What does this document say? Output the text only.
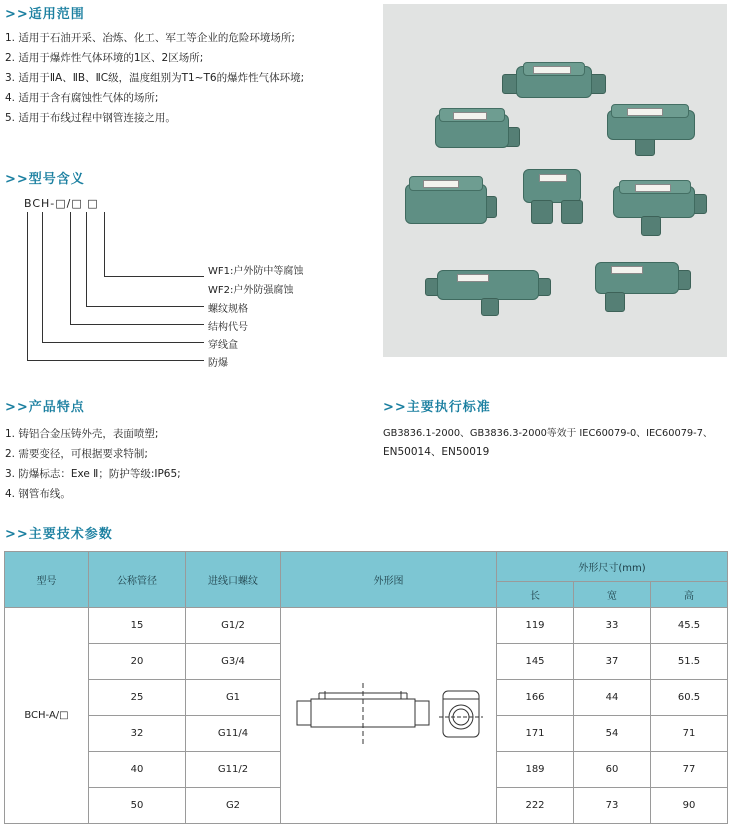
>>适用范围
1. 适用于石油开采、冶炼、化工、军工等企业的危险环境场所;
2. 适用于爆炸性气体环境的1区、2区场所;
3. 适用于ⅡA、ⅡB、ⅡC级，温度组别为T1~T6的爆炸性气体环境;
4. 适用于含有腐蚀性气体的场所;
5. 适用于布线过程中钢管连接之用。
>>型号含义
BCH-□/□ □
WF1:户外防中等腐蚀
WF2:户外防强腐蚀
螺纹规格
结构代号
穿线盒
防爆
>>产品特点
1. 铸铝合金压铸外壳，表面喷塑;
2. 需要变径，可根据要求特制;
3. 防爆标志：Exe Ⅱ；防护等级:IP65;
4. 钢管布线。
>>主要执行标准
GB3836.1-2000、GB3836.3-2000等效于 IEC60079-0、IEC60079-7、
EN50014、EN50019
>>主要技术参数
型号	公称管径	进线口螺纹	外形图	外形尺寸(mm)		
				长	宽	高
BCH-A/□	15	G1/2		119	33	45.5
	20	G3/4		145	37	51.5
	25	G1		166	44	60.5
	32	G11/4		171	54	71
	40	G11/2		189	60	77
	50	G2		222	73	90
